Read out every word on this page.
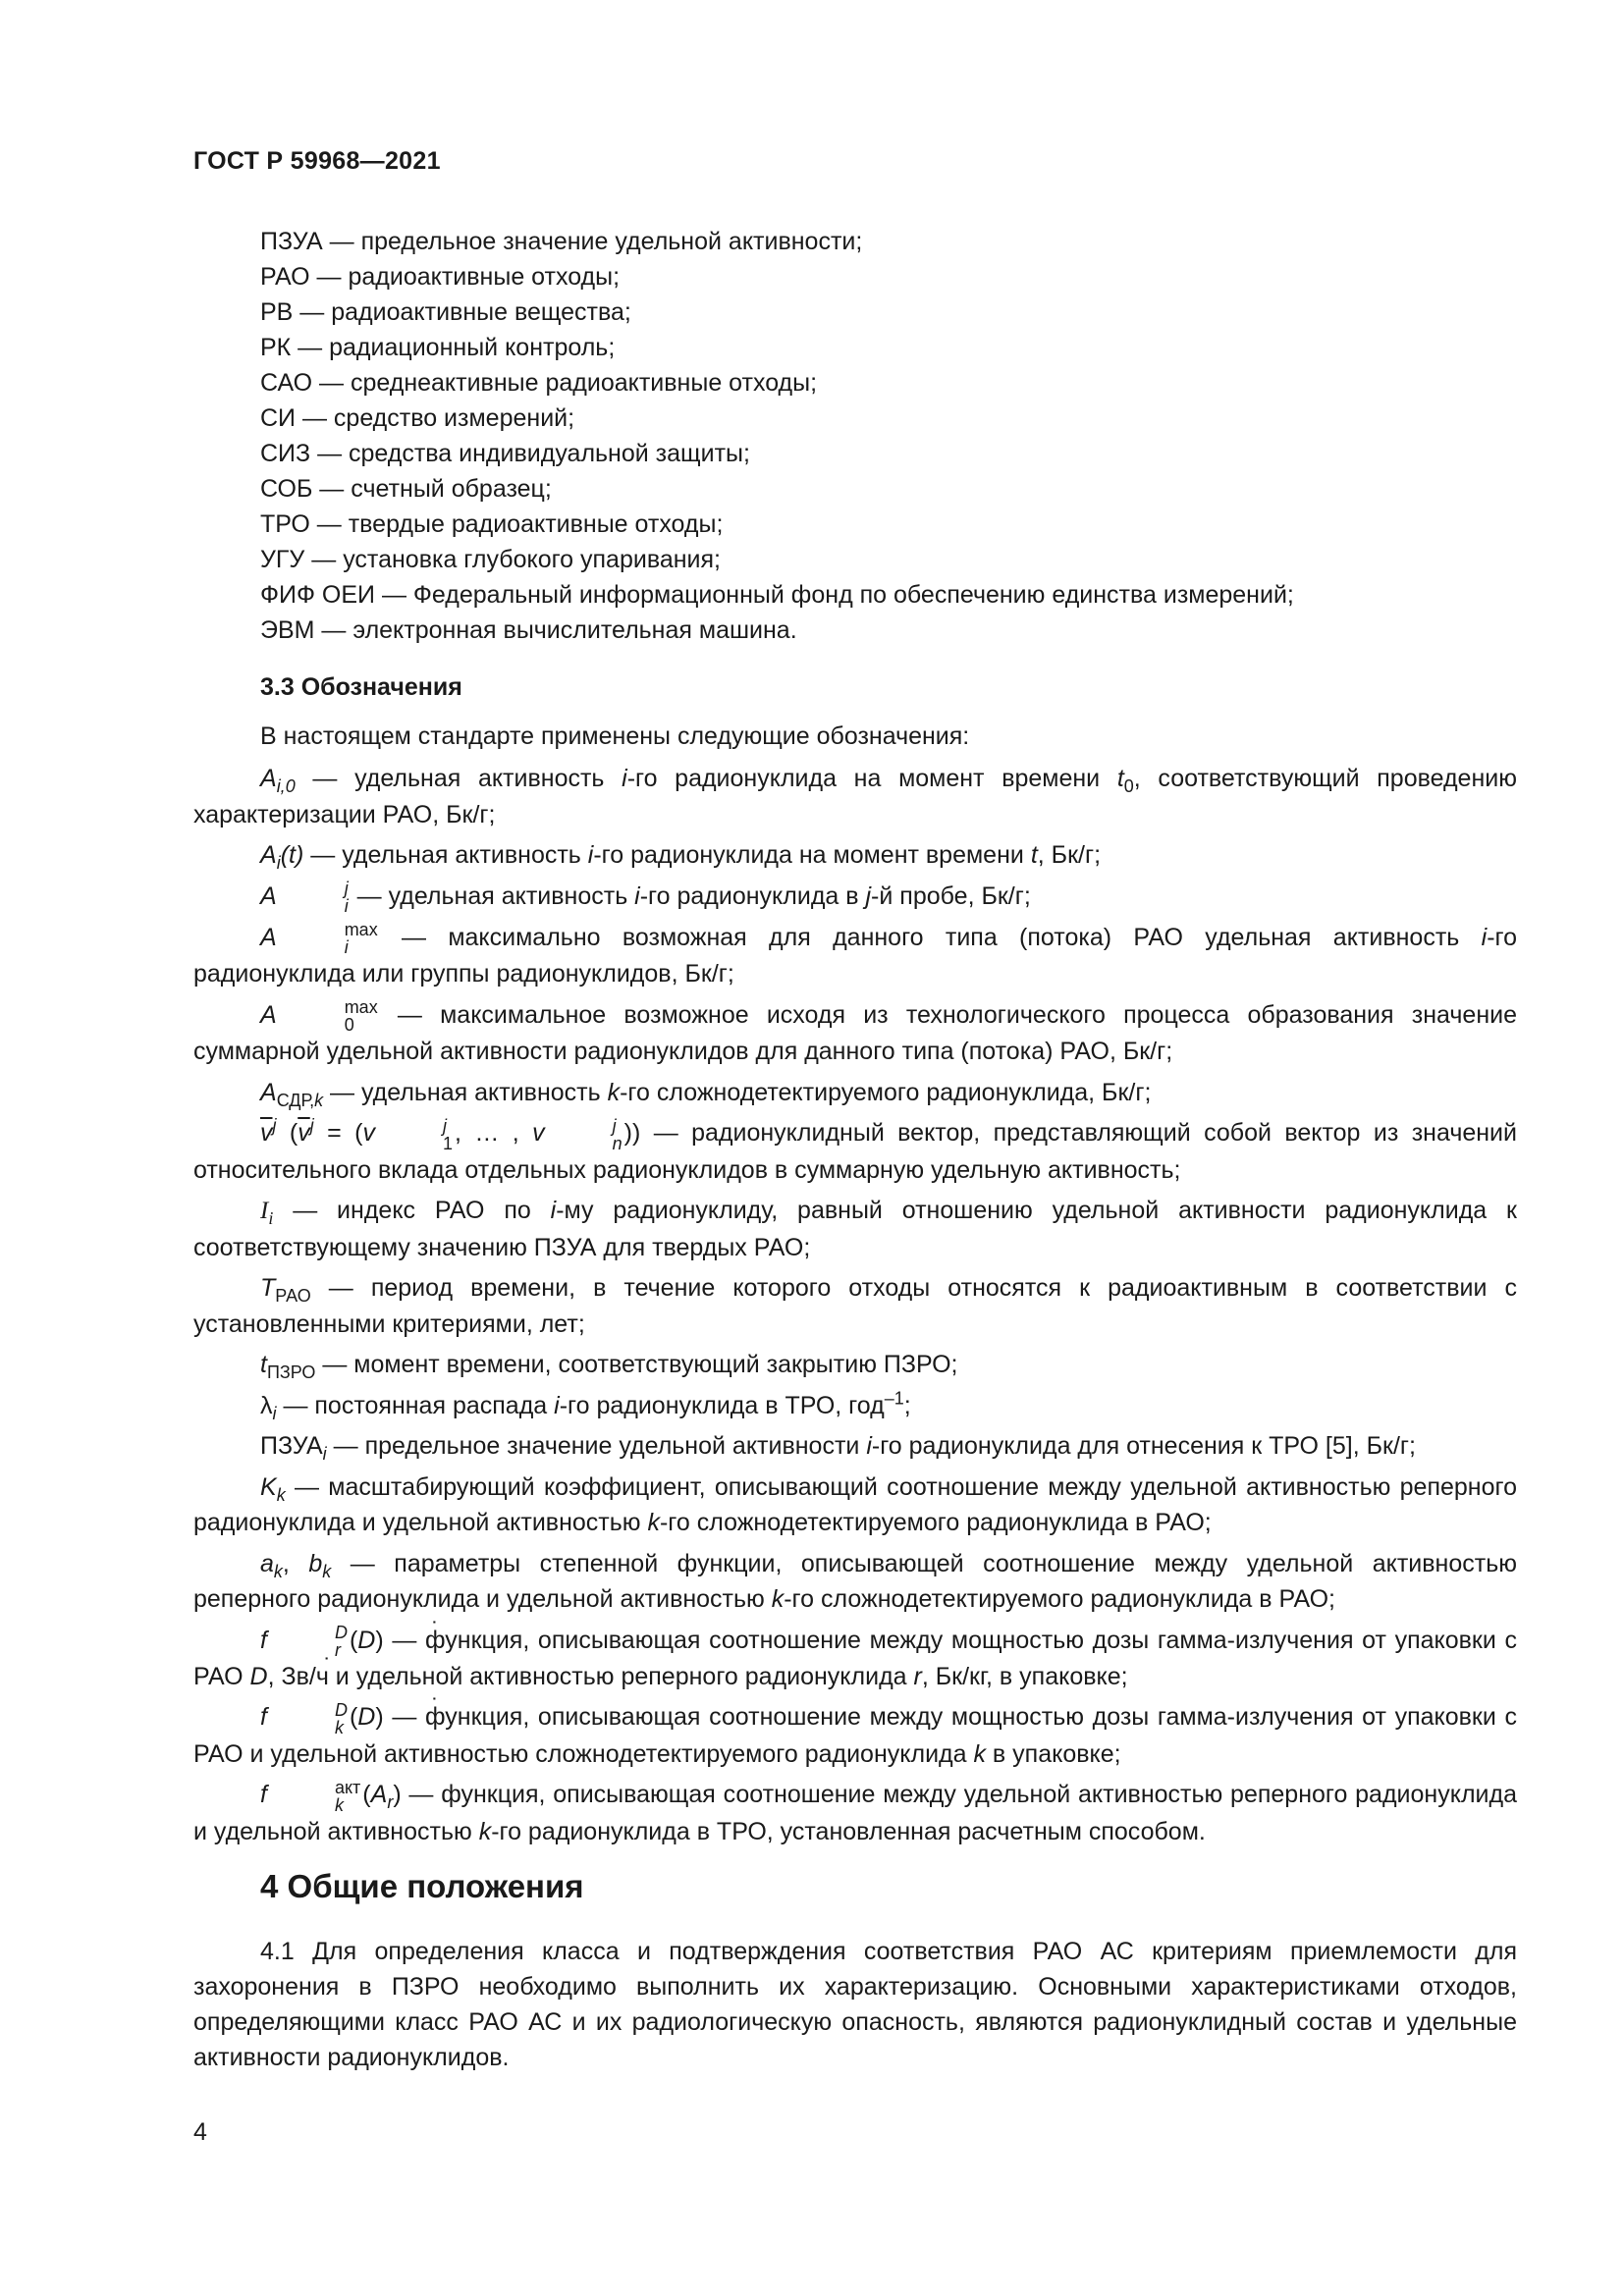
ГОСТ Р 59968—2021
ПЗУА — предельное значение удельной активности;
РАО — радиоактивные отходы;
РВ — радиоактивные вещества;
РК — радиационный контроль;
САО — среднеактивные радиоактивные отходы;
СИ — средство измерений;
СИЗ — средства индивидуальной защиты;
СОБ — счетный образец;
ТРО — твердые радиоактивные отходы;
УГУ — установка глубокого упаривания;
ФИФ ОЕИ — Федеральный информационный фонд по обеспечению единства измерений;
ЭВМ — электронная вычислительная машина.
3.3 Обозначения
В настоящем стандарте применены следующие обозначения:

$A_{i,0}$ — удельная активность i-го радионуклида на момент времени $t_0$, соответствующий проведению характеризации РАО, Бк/г;

$A_i(t)$ — удельная активность i-го радионуклида на момент времени t, Бк/г;

A	j
i — удельная активность i-го радионуклида в j-й пробе, Бк/г;

A	max
i	— максимально возможная для данного типа (потока) РАО удельная активность i-го радионуклида или группы радионуклидов, Бк/г;

A	max
0	— максимальное возможное исходя из технологического процесса образования значение суммарной удельной активности радионуклидов для данного типа (потока) РАО, Бк/г;

$A_{СДР,k}$ — удельная активность k-го сложнодетектируемого радионуклида, Бк/г;

$\overline{v}^j$ ($\overline{v}^j = (v$	j
1 , … , v	j
n )) — радионуклидный вектор, представляющий собой вектор из значений относительного вклада отдельных радионуклидов в суммарную удельную активность;

$I_i$ — индекс РАО по i-му радионуклиду, равный отношению удельной активности радионуклида к соответствующему значению ПЗУА для твердых РАО;

$T_{РАО}$ — период времени, в течение которого отходы относятся к радиоактивным в соответствии с установленными критериями, лет;

$t_{ПЗРО}$ — момент времени, соответствующий закрытию ПЗРО;

$\lambda_i$ — постоянная распада i-го радионуклида в ТРО, год$^{-1}$;

$ПЗУА_i$ — предельное значение удельной активности i-го радионуклида для отнесения к ТРО [5], Бк/г;

$K_k$ — масштабирующий коэффициент, описывающий соотношение между удельной активностью реперного радионуклида и удельной активностью k-го сложнодетектируемого радионуклида в РАО;

$a_k$, $b_k$ — параметры степенной функции, описывающей соотношение между удельной активностью реперного радионуклида и удельной активностью k-го сложнодетектируемого радионуклида в РАО;

f	D
r (˙ D) — функция, описывающая соотношение между мощностью дозы гамма-излучения от упаковки с РАО ˙ D, Зв/ч и удельной активностью реперного радионуклида r, Бк/кг, в упаковке;

f	D
k (˙ D) — функция, описывающая соотношение между мощностью дозы гамма-излучения от упаковки с РАО и удельной активностью сложнодетектируемого радионуклида k в упаковке;

f	акт
k $(A_r)$ — функция, описывающая соотношение между удельной активностью реперного радионуклида и удельной активностью k-го радионуклида в ТРО, установленная расчетным способом.

4 Общие положения
4.1 Для определения класса и подтверждения соответствия РАО АС критериям приемлемости для захоронения в ПЗРО необходимо выполнить их характеризацию. Основными характеристиками отходов, определяющими класс РАО АС и их радиологическую опасность, являются радионуклидный состав и удельные активности радионуклидов.
4
